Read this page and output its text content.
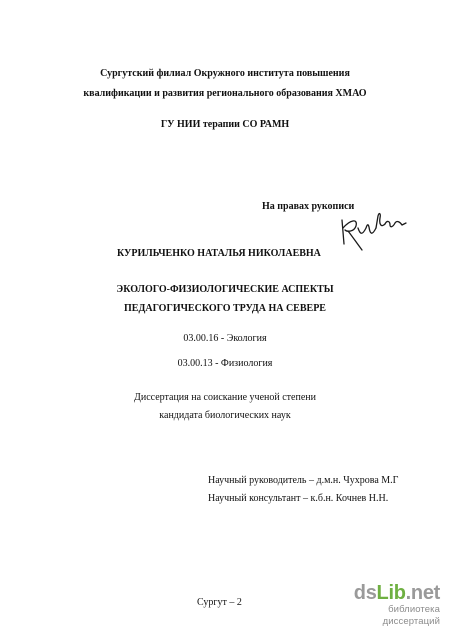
Сургутский филиал Окружного института повышения
квалификации и развития регионального образования ХМАО
ГУ НИИ терапии СО РАМН
На правах рукописи
КУРИЛЬЧЕНКО НАТАЛЬЯ НИКОЛАЕВНА
ЭКОЛОГО-ФИЗИОЛОГИЧЕСКИЕ АСПЕКТЫ
ПЕДАГОГИЧЕСКОГО ТРУДА НА СЕВЕРЕ
03.00.16 - Экология
03.00.13 - Физиология
Диссертация на соискание ученой степени
кандидата биологических наук
Научный руководитель – д.м.н. Чухрова М.Г
Научный консультант – к.б.н. Кочнев Н.Н.
Сургут – 2	dsLib.net
библиотека диссертаций
